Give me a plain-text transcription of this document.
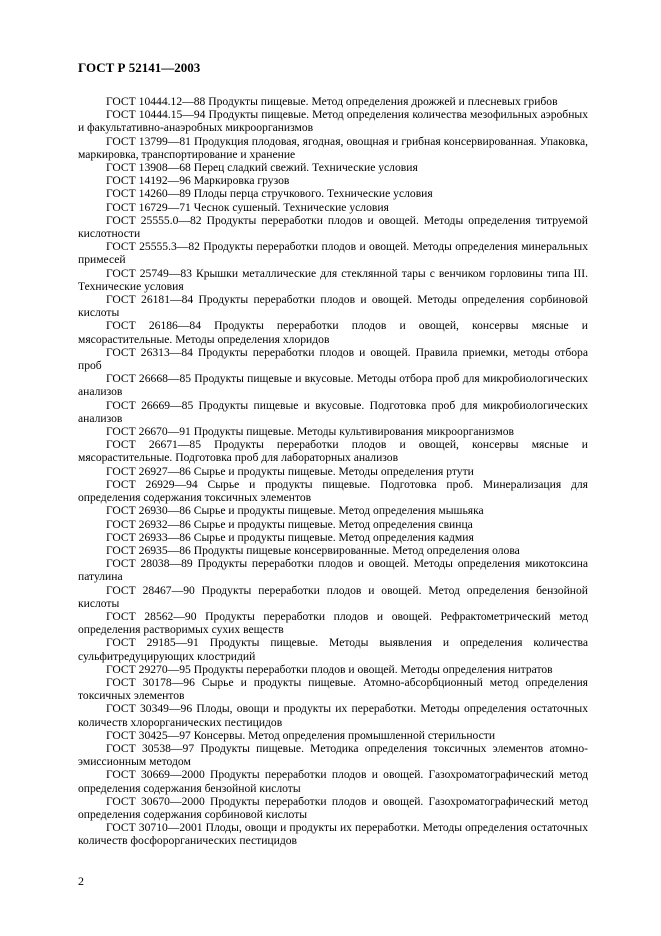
ГОСТ Р 52141—2003
ГОСТ 10444.12—88 Продукты пищевые. Метод определения дрожжей и плесневых грибов
ГОСТ 10444.15—94 Продукты пищевые. Метод определения количества мезофильных аэробных и факультативно-анаэробных микроорганизмов
ГОСТ 13799—81 Продукция плодовая, ягодная, овощная и грибная консервированная. Упаковка, маркировка, транспортирование и хранение
ГОСТ 13908—68 Перец сладкий свежий. Технические условия
ГОСТ 14192—96 Маркировка грузов
ГОСТ 14260—89 Плоды перца стручкового. Технические условия
ГОСТ 16729—71 Чеснок сушеный. Технические условия
ГОСТ 25555.0—82 Продукты переработки плодов и овощей. Методы определения титруемой кислотности
ГОСТ 25555.3—82 Продукты переработки плодов и овощей. Методы определения минеральных примесей
ГОСТ 25749—83 Крышки металлические для стеклянной тары с венчиком горловины типа III. Технические условия
ГОСТ 26181—84 Продукты переработки плодов и овощей. Методы определения сорбиновой кислоты
ГОСТ 26186—84 Продукты переработки плодов и овощей, консервы мясные и мясорастительные. Методы определения хлоридов
ГОСТ 26313—84 Продукты переработки плодов и овощей. Правила приемки, методы отбора проб
ГОСТ 26668—85 Продукты пищевые и вкусовые. Методы отбора проб для микробиологических анализов
ГОСТ 26669—85 Продукты пищевые и вкусовые. Подготовка проб для микробиологических анализов
ГОСТ 26670—91 Продукты пищевые. Методы культивирования микроорганизмов
ГОСТ 26671—85 Продукты переработки плодов и овощей, консервы мясные и мясорастительные. Подготовка проб для лабораторных анализов
ГОСТ 26927—86 Сырье и продукты пищевые. Методы определения ртути
ГОСТ 26929—94 Сырье и продукты пищевые. Подготовка проб. Минерализация для определения содержания токсичных элементов
ГОСТ 26930—86 Сырье и продукты пищевые. Метод определения мышьяка
ГОСТ 26932—86 Сырье и продукты пищевые. Метод определения свинца
ГОСТ 26933—86 Сырье и продукты пищевые. Метод определения кадмия
ГОСТ 26935—86 Продукты пищевые консервированные. Метод определения олова
ГОСТ 28038—89 Продукты переработки плодов и овощей. Методы определения микотоксина патулина
ГОСТ 28467—90 Продукты переработки плодов и овощей. Метод определения бензойной кислоты
ГОСТ 28562—90 Продукты переработки плодов и овощей. Рефрактометрический метод определения растворимых сухих веществ
ГОСТ 29185—91 Продукты пищевые. Методы выявления и определения количества сульфитредуцирующих клостридий
ГОСТ 29270—95 Продукты переработки плодов и овощей. Методы определения нитратов
ГОСТ 30178—96 Сырье и продукты пищевые. Атомно-абсорбционный метод определения токсичных элементов
ГОСТ 30349—96 Плоды, овощи и продукты их переработки. Методы определения остаточных количеств хлорорганических пестицидов
ГОСТ 30425—97 Консервы. Метод определения промышленной стерильности
ГОСТ 30538—97 Продукты пищевые. Методика определения токсичных элементов атомно-эмиссионным методом
ГОСТ 30669—2000 Продукты переработки плодов и овощей. Газохроматографический метод определения содержания бензойной кислоты
ГОСТ 30670—2000 Продукты переработки плодов и овощей. Газохроматографический метод определения содержания сорбиновой кислоты
ГОСТ 30710—2001 Плоды, овощи и продукты их переработки. Методы определения остаточных количеств фосфорорганических пестицидов
2
